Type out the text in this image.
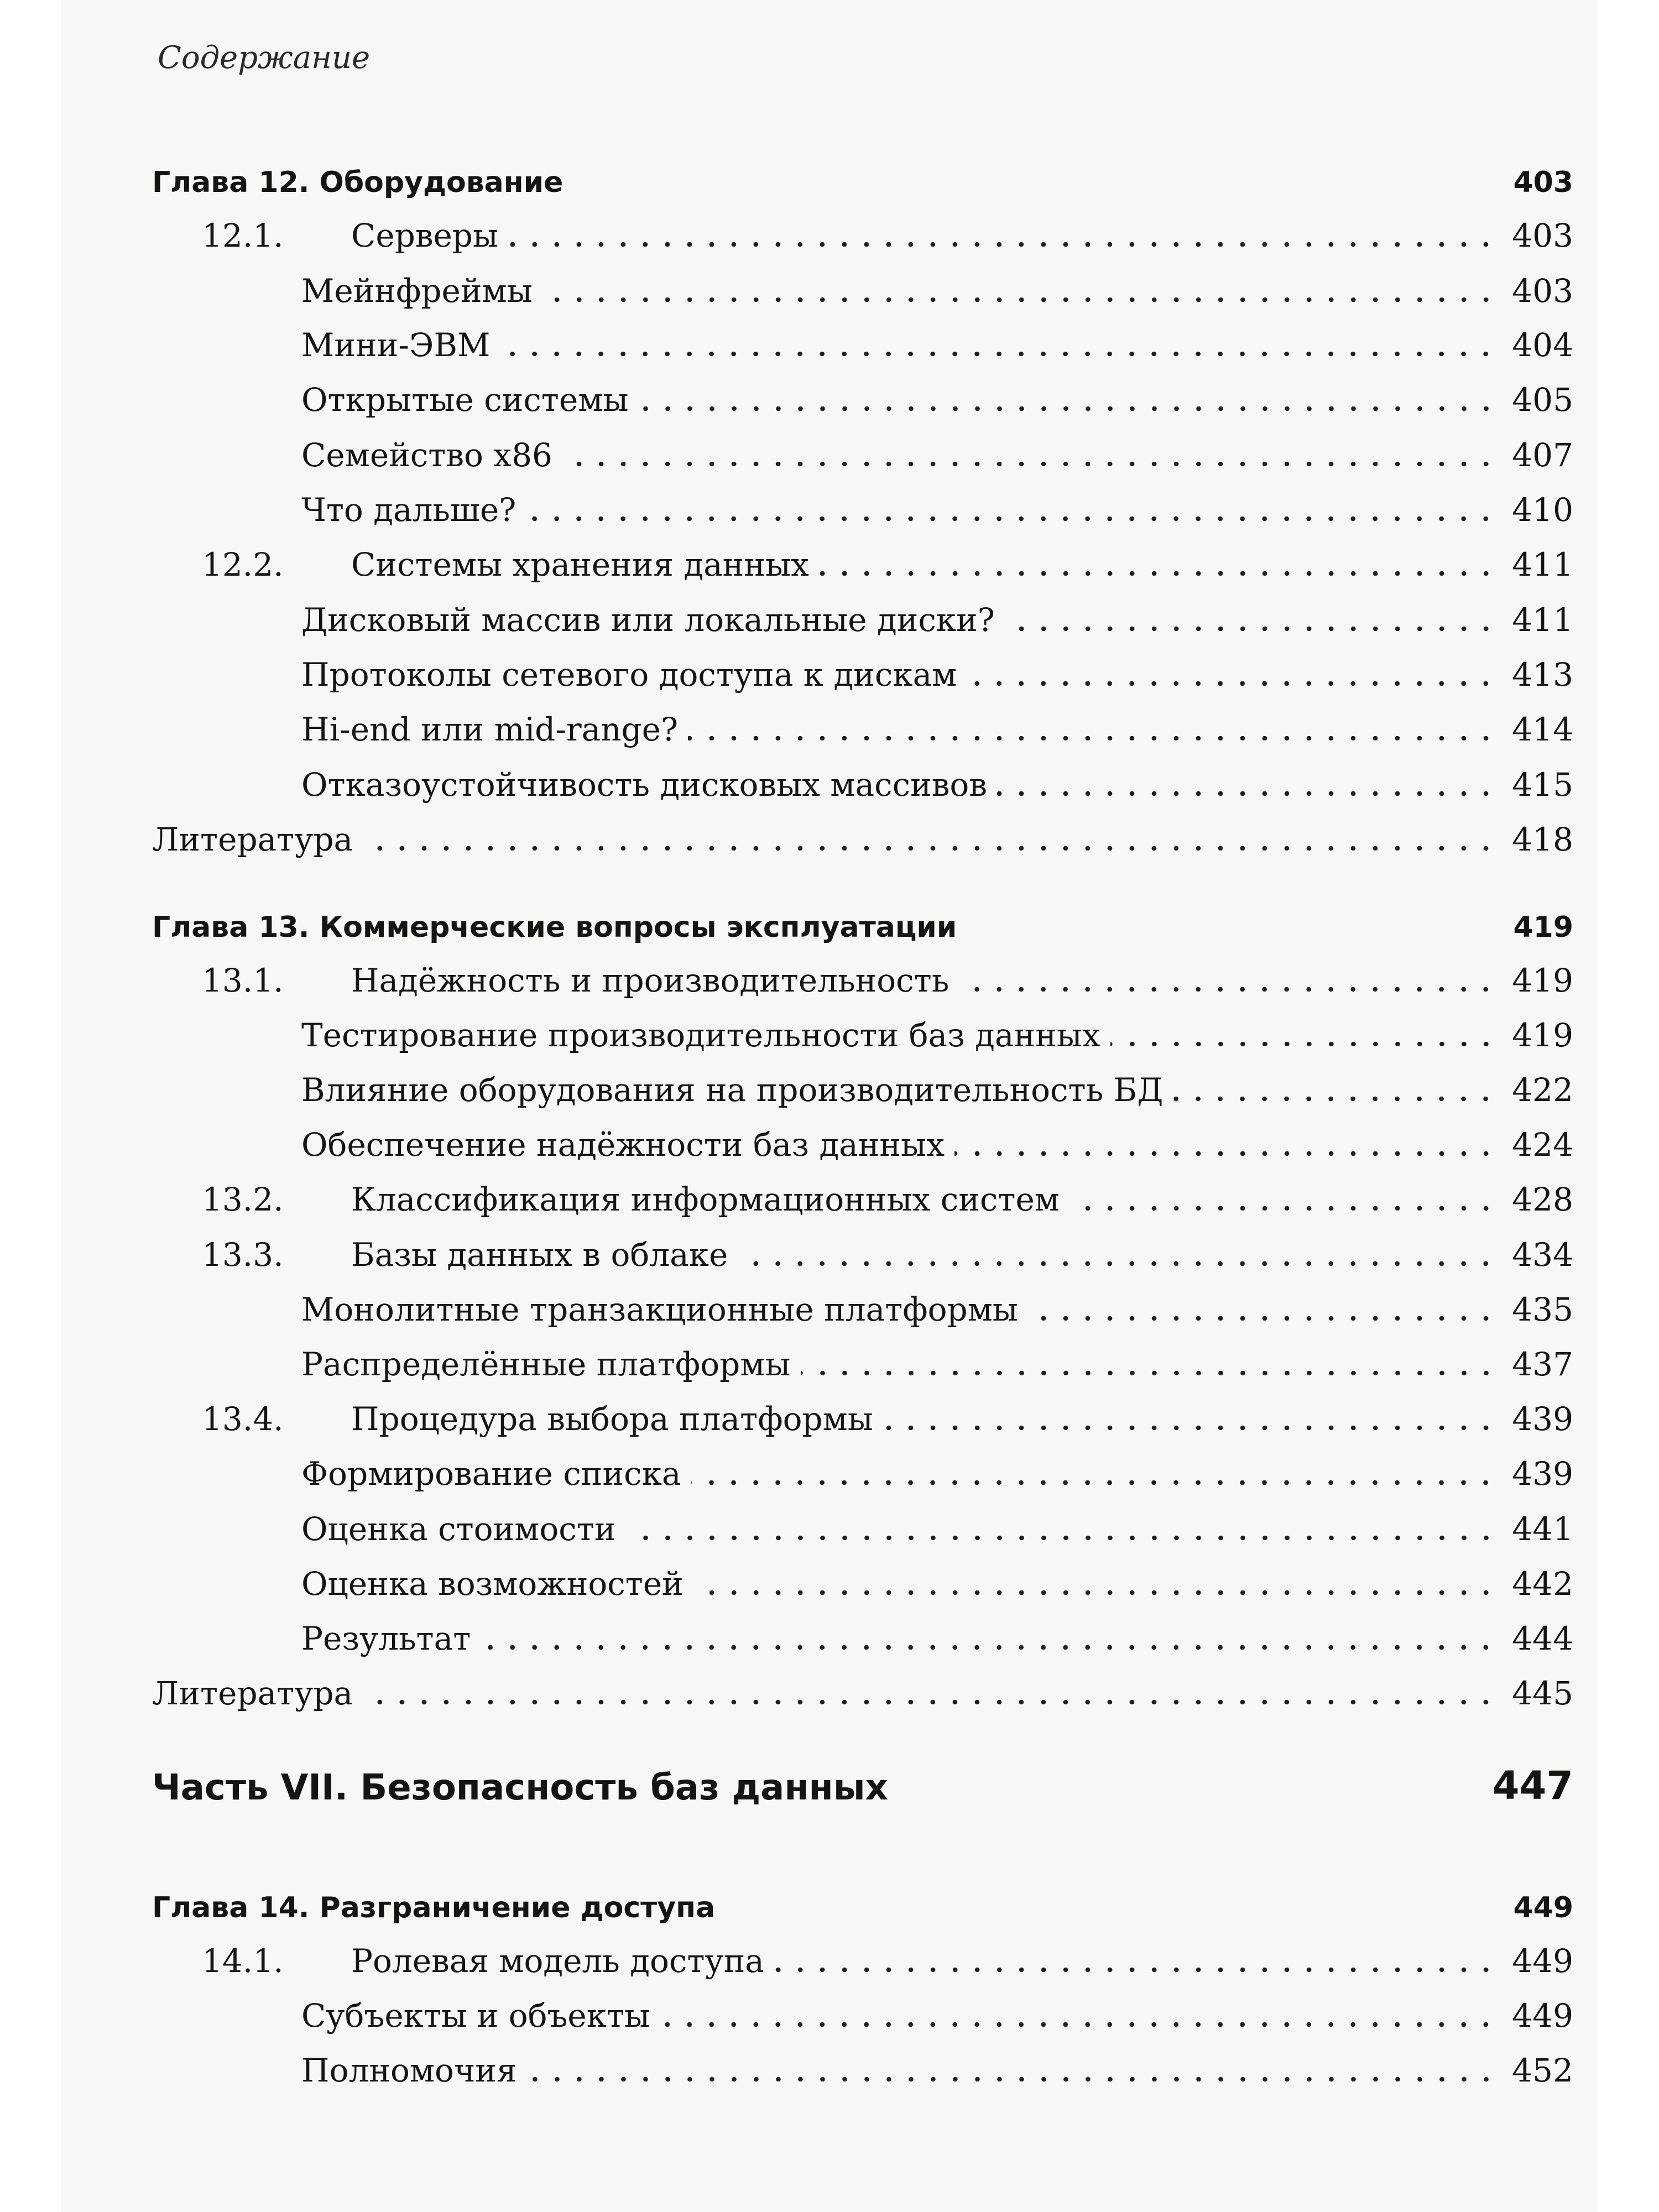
Содержание
Глава 12. Оборудование	403
12.1.	Серверы	403
Мейнфреймы	403
Мини-ЭВМ	404
Открытые системы	405
Семейство x86	407
Что дальше?	410
12.2.	Системы хранения данных	411
Дисковый массив или локальные диски?	411
Протоколы сетевого доступа к дискам	413
Hi-end или mid-range?	414
Отказоустойчивость дисковых массивов	415
Литература	418
Глава 13. Коммерческие вопросы эксплуатации	419
13.1.	Надёжность и производительность	419
Тестирование производительности баз данных	419
Влияние оборудования на производительность БД	422
Обеспечение надёжности баз данных	424
13.2.	Классификация информационных систем	428
13.3.	Базы данных в облаке	434
Монолитные транзакционные платформы	435
Распределённые платформы	437
13.4.	Процедура выбора платформы	439
Формирование списка	439
Оценка стоимости	441
Оценка возможностей	442
Результат	444
Литература	445
Часть VII. Безопасность баз данных	447
Глава 14. Разграничение доступа	449
14.1.	Ролевая модель доступа	449
Субъекты и объекты	449
Полномочия	452
